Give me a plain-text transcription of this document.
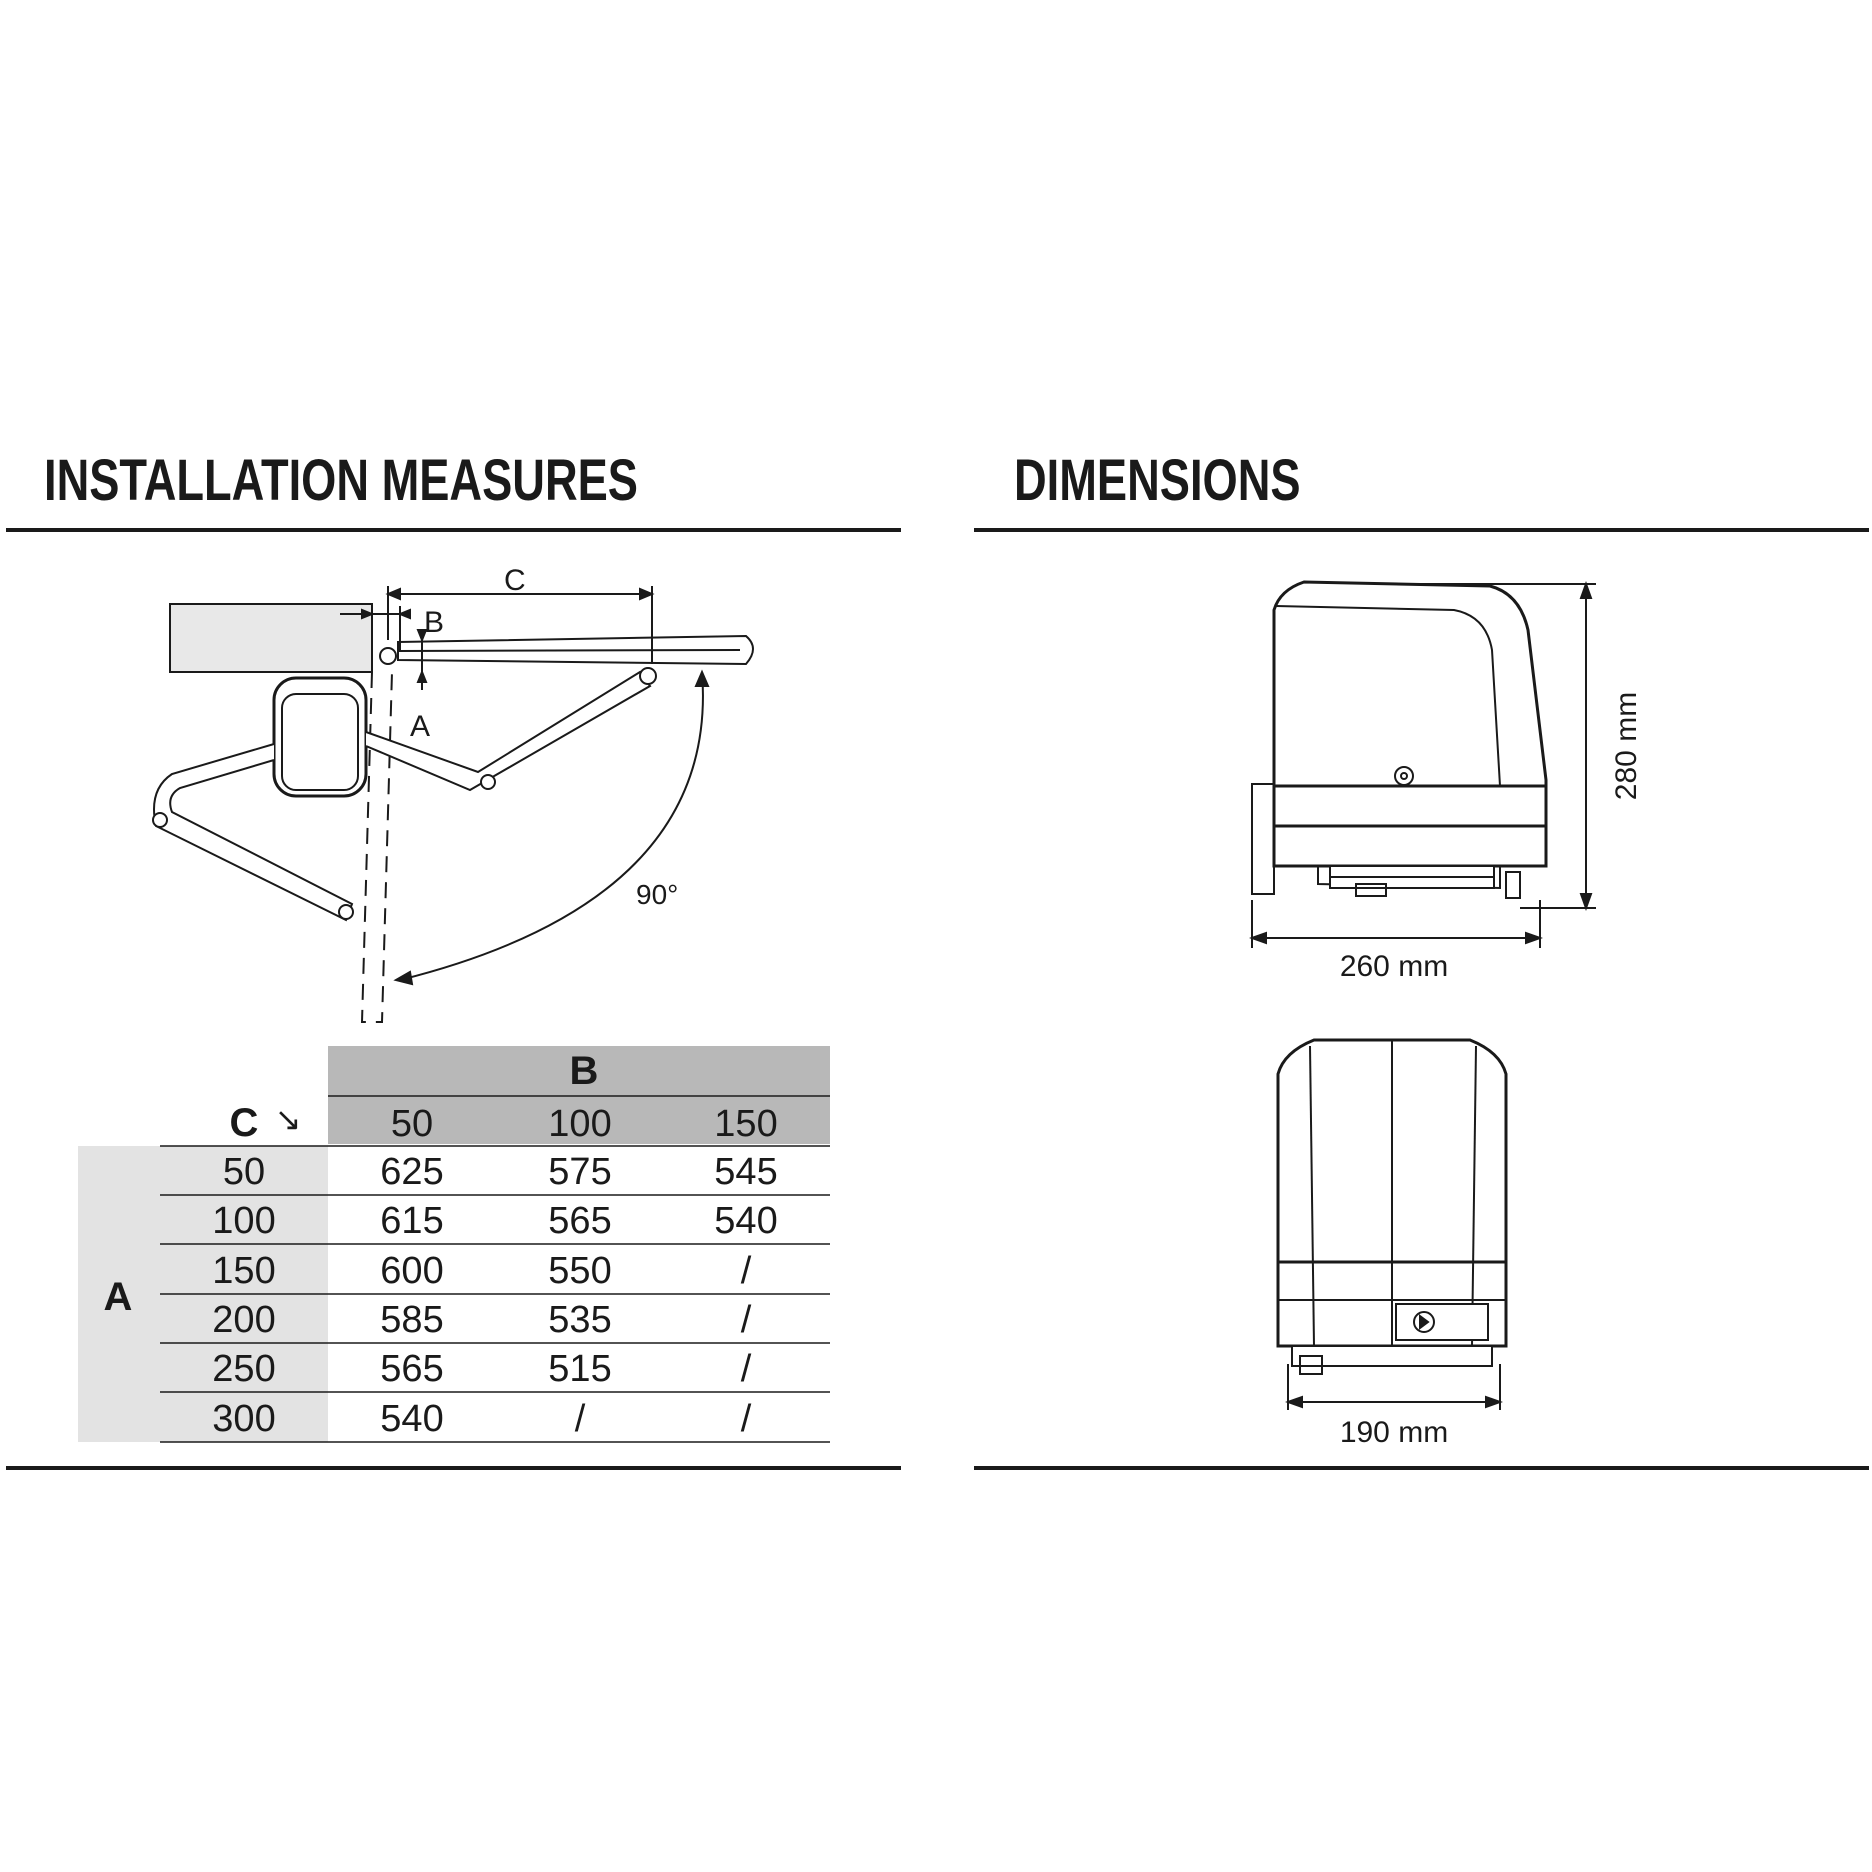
INSTALLATION MEASURES	DIMENSIONS
C
B
A
90°
B
C ↘ 50	100	150
A
50	625	575	545
100	615	565	540
150	600	550	/
200	585	535	/
250	565	515	/
300	540	/	/
260 mm
190 mm
280 mm
